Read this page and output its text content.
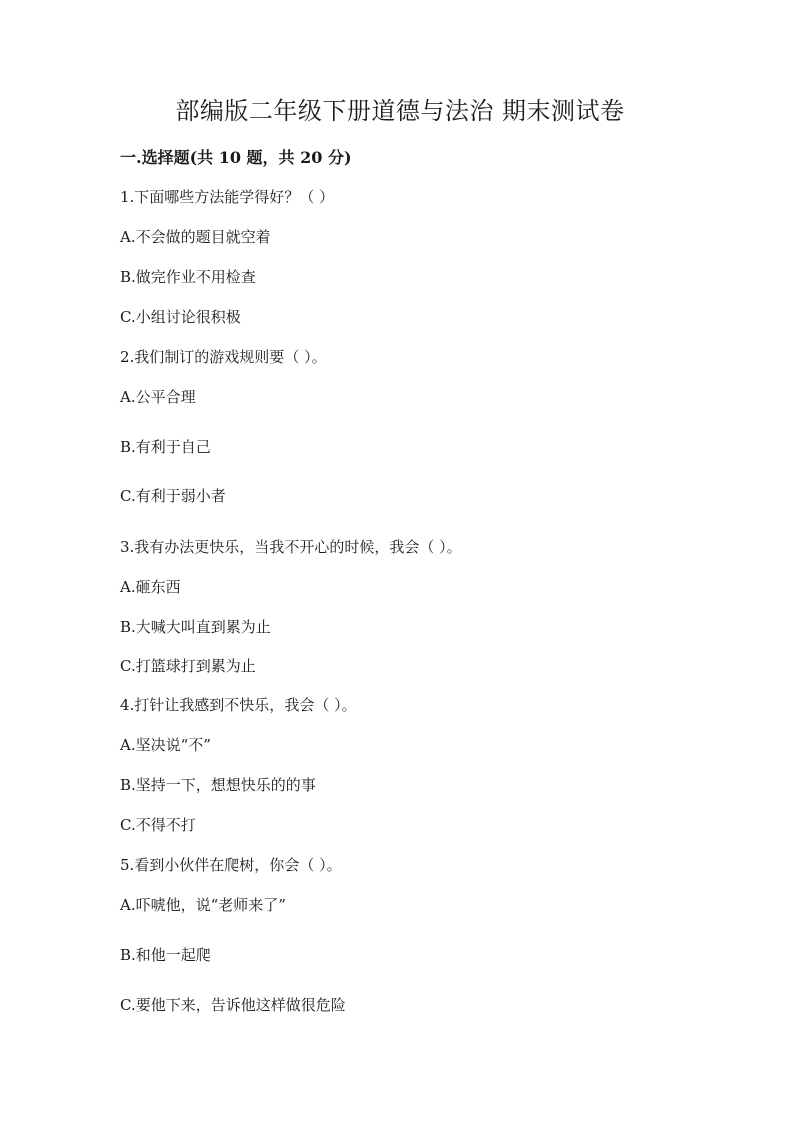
部编版二年级下册道德与法治 期末测试卷
一.选择题(共 10 题，共 20 分)
1.下面哪些方法能学得好？（ ）
A.不会做的题目就空着
B.做完作业不用检查
C.小组讨论很积极
2.我们制订的游戏规则要（ ）。
A.公平合理
B.有利于自己
C.有利于弱小者
3.我有办法更快乐，当我不开心的时候，我会（ ）。
A.砸东西
B.大喊大叫直到累为止
C.打篮球打到累为止
4.打针让我感到不快乐，我会（ ）。
A.坚决说“不”
B.坚持一下，想想快乐的的事
C.不得不打
5.看到小伙伴在爬树，你会（ ）。
A.吓唬他，说“老师来了”
B.和他一起爬
C.要他下来，告诉他这样做很危险
